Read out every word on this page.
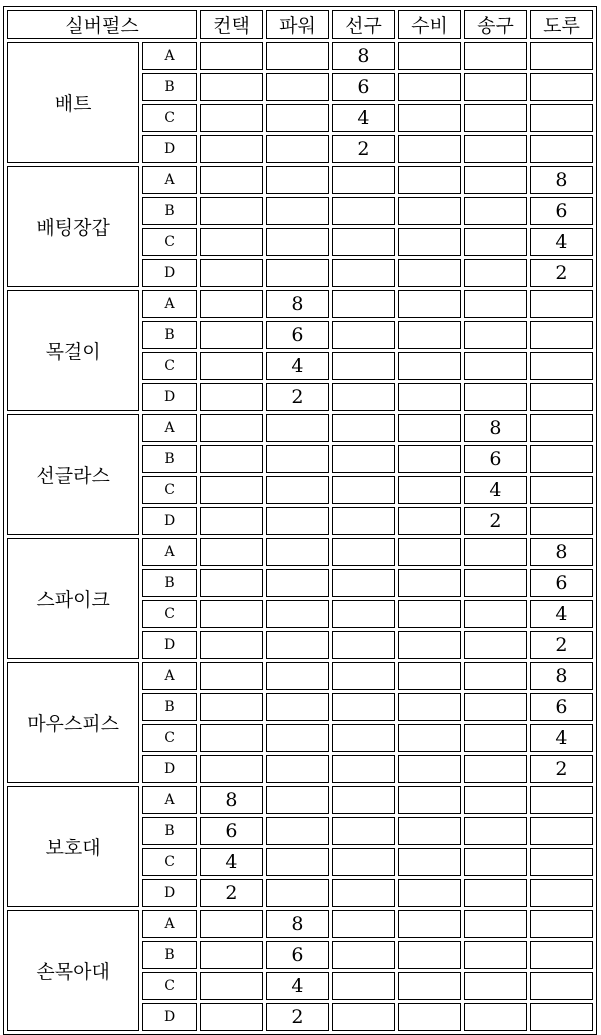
실버펄스		컨택	파워	선구	수비	송구	도루
배트	A			8			
	B			6			
	C			4			
	D			2			
배팅장갑	A						8
	B						6
	C						4
	D						2
목걸이	A		8				
	B		6				
	C		4				
	D		2				
선글라스	A					8	
	B					6	
	C					4	
	D					2	
스파이크	A						8
	B						6
	C						4
	D						2
마우스피스	A						8
	B						6
	C						4
	D						2
보호대	A	8					
	B	6					
	C	4					
	D	2					
손목아대	A		8				
	B		6				
	C		4				
	D		2				
